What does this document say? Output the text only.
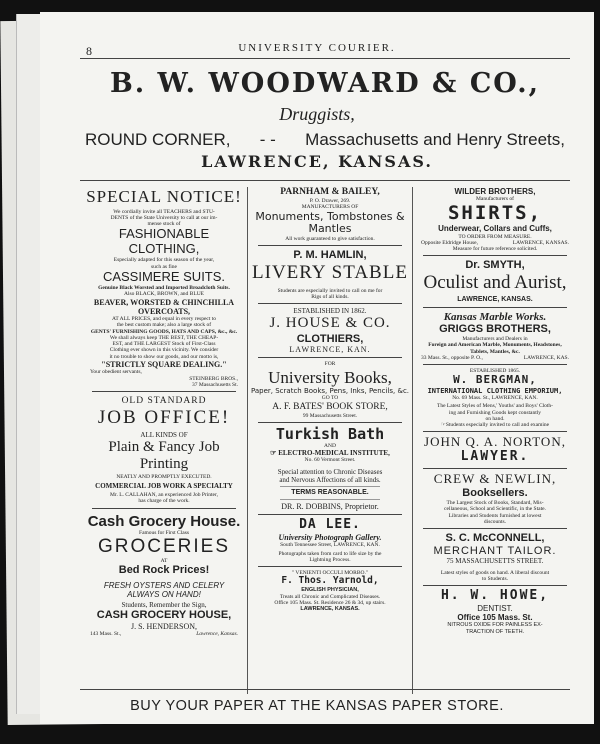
8	UNIVERSITY COURIER.
B. W. WOODWARD & CO.,
Druggists,
ROUND CORNER, - - Massachusetts and Henry Streets,
LAWRENCE, KANSAS.
SPECIAL NOTICE!
We cordially invite all TEACHERS and STU-
DENTS of the State University to call at our im-
mense stock of
FASHIONABLE CLOTHING,
Especially adapted for this season of the year,
such as fine
CASSIMERE SUITS.
Genuine Black Worsted and Imported Broadcloth Suits.
Also BLACK, BROWN, and BLUE
BEAVER, WORSTED & CHINCHILLA OVERCOATS,
AT ALL PRICES, and equal in every respect to
the best custom make; also a large stock of
GENTS' FURNISHING GOODS, HATS AND CAPS, &c., &c.
We shall always keep THE BEST, THE CHEAP-
EST, and THE LARGEST Stock of First-Class
Clothing ever shown in this vicinity. We consider
it no trouble to show our goods, and our motto is,
"STRICTLY SQUARE DEALING."
Your obedient servants,
STEINBERG BROS.,
37 Massachusetts St.
OLD STANDARD
JOB OFFICE!
ALL KINDS OF
Plain & Fancy Job Printing
NEATLY AND PROMPTLY EXECUTED.
COMMERCIAL JOB WORK A SPECIALTY
Mr. L. CALLAHAN, an experienced Job Printer,
has charge of the work.
Cash Grocery House.
Famous for First Class
GROCERIES
AT
Bed Rock Prices!
FRESH OYSTERS AND CELERY
ALWAYS ON HAND!
Students, Remember the Sign,
CASH GROCERY HOUSE,
J. S. HENDERSON,
143 Mass. St.,	Lawrence, Kansas.
PARNHAM & BAILEY,
P. O. Drawer, 269.
MANUFACTURERS OF
Monuments, Tombstones & Mantles
All work guaranteed to give satisfaction.
P. M. HAMLIN,
LIVERY STABLE
Students are especially invited to call on me for
Rigs of all kinds.
ESTABLISHED IN 1862.
J. HOUSE & CO.
CLOTHIERS,
LAWRENCE, KAN.
FOR
University Books,
Paper, Scratch Books, Pens, Inks, Pencils, &c.
GO TO
A. F. BATES' BOOK STORE,
99 Massachusetts Street.
Turkish Bath
AND
☞ ELECTRO-MEDICAL INSTITUTE,
No. 60 Vermont Street.
Special attention to Chronic Diseases
and Nervous Affections of all kinds.
TERMS REASONABLE.
DR. R. DOBBINS, Proprietor.
DA LEE.
University Photograph Gallery.
South Tennessee Street, LAWRENCE, KAN.
Photographs taken from card to life size by the
Lightning Process.
" VENIENTI OCCULI MORBO."
F. Thos. Yarnold,
ENGLISH PHYSICIAN,
Treats all Chronic and Complicated Diseases.
Office 105 Mass. St. Residence 26 & 3d, up stairs.
LAWRENCE, KANSAS.
WILDER BROTHERS,
Manufacturers of
SHIRTS,
Underwear, Collars and Cuffs,
TO ORDER FROM MEASURE.
Opposite Eldridge House,	LAWRENCE, KANSAS.
Measure for future reference solicited.
Dr. SMYTH,
Oculist and Aurist,
LAWRENCE, KANSAS.
Kansas Marble Works.
GRIGGS BROTHERS,
Manufacturers and Dealers in
Foreign and American Marble, Monuments, Headstones,
Tablets, Mantles, &c.
33 Mass. St., opposite P. O.,	LAWRENCE, KAS.
ESTABLISHED 1865.
W. BERGMAN,
INTERNATIONAL CLOTHING EMPORIUM,
No. 69 Mass. St., LAWRENCE, KAN.
The Latest Styles of Mens,' Youths' and Boys' Cloth-
ing and Furnishing Goods kept constantly
on hand.
☞Students especially invited to call and examine
JOHN Q. A. NORTON,
LAWYER.
CREW & NEWLIN,
Booksellers.
The Largest Stock of Books, Standard, Mis-
cellaneous, School and Scientific, in the State.
Libraries and Students furnished at lowest
discounts.
S. C. McCONNELL,
MERCHANT TAILOR.
75 MASSACHUSETTS STREET.
Latest styles of goods on hand. A liberal discount
to Students.
H. W. HOWE,
DENTIST.
Office 105 Mass. St.
NITROUS OXIDE FOR PAINLESS EX-
TRACTION OF TEETH.
BUY YOUR PAPER AT THE KANSAS PAPER STORE.
